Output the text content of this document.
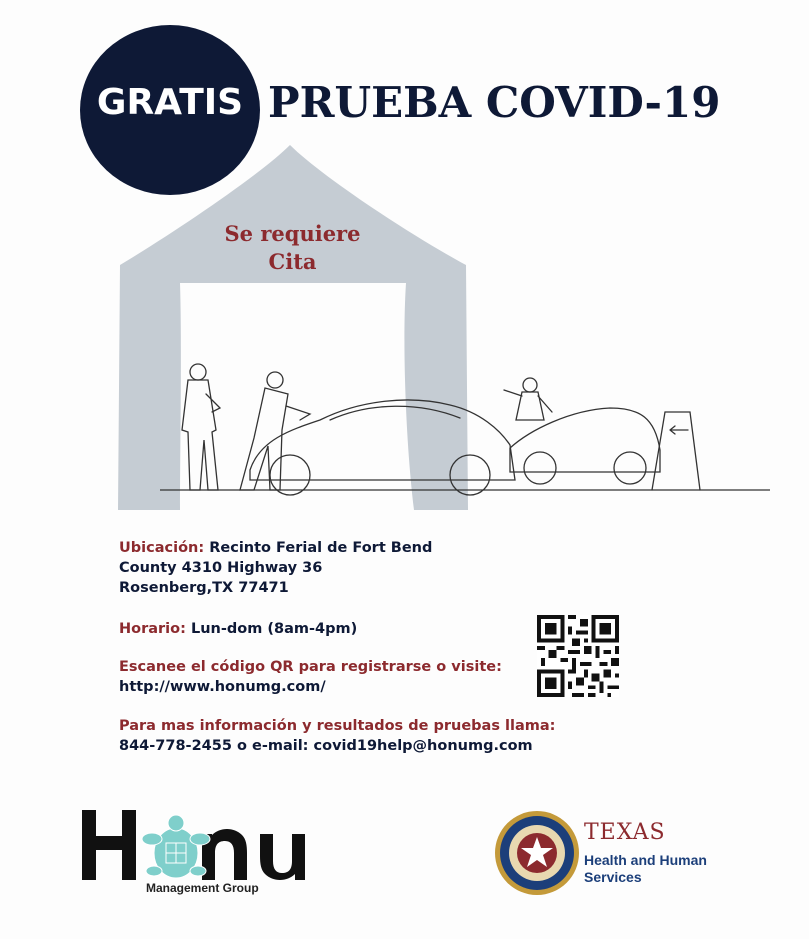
GRATIS PRUEBA COVID-19
Se requiere
Cita
Ubicación: Recinto Ferial de Fort Bend
County 4310 Highway 36
Rosenberg,TX 77471
Horario: Lun-dom (8am-4pm)
Escanee el código QR para registrarse o visite:
http://www.honumg.com/
Para mas información y resultados de pruebas llama:
844-778-2455 o e-mail: covid19help@honumg.com
Management Group
TEXAS
Health and Human
Services
